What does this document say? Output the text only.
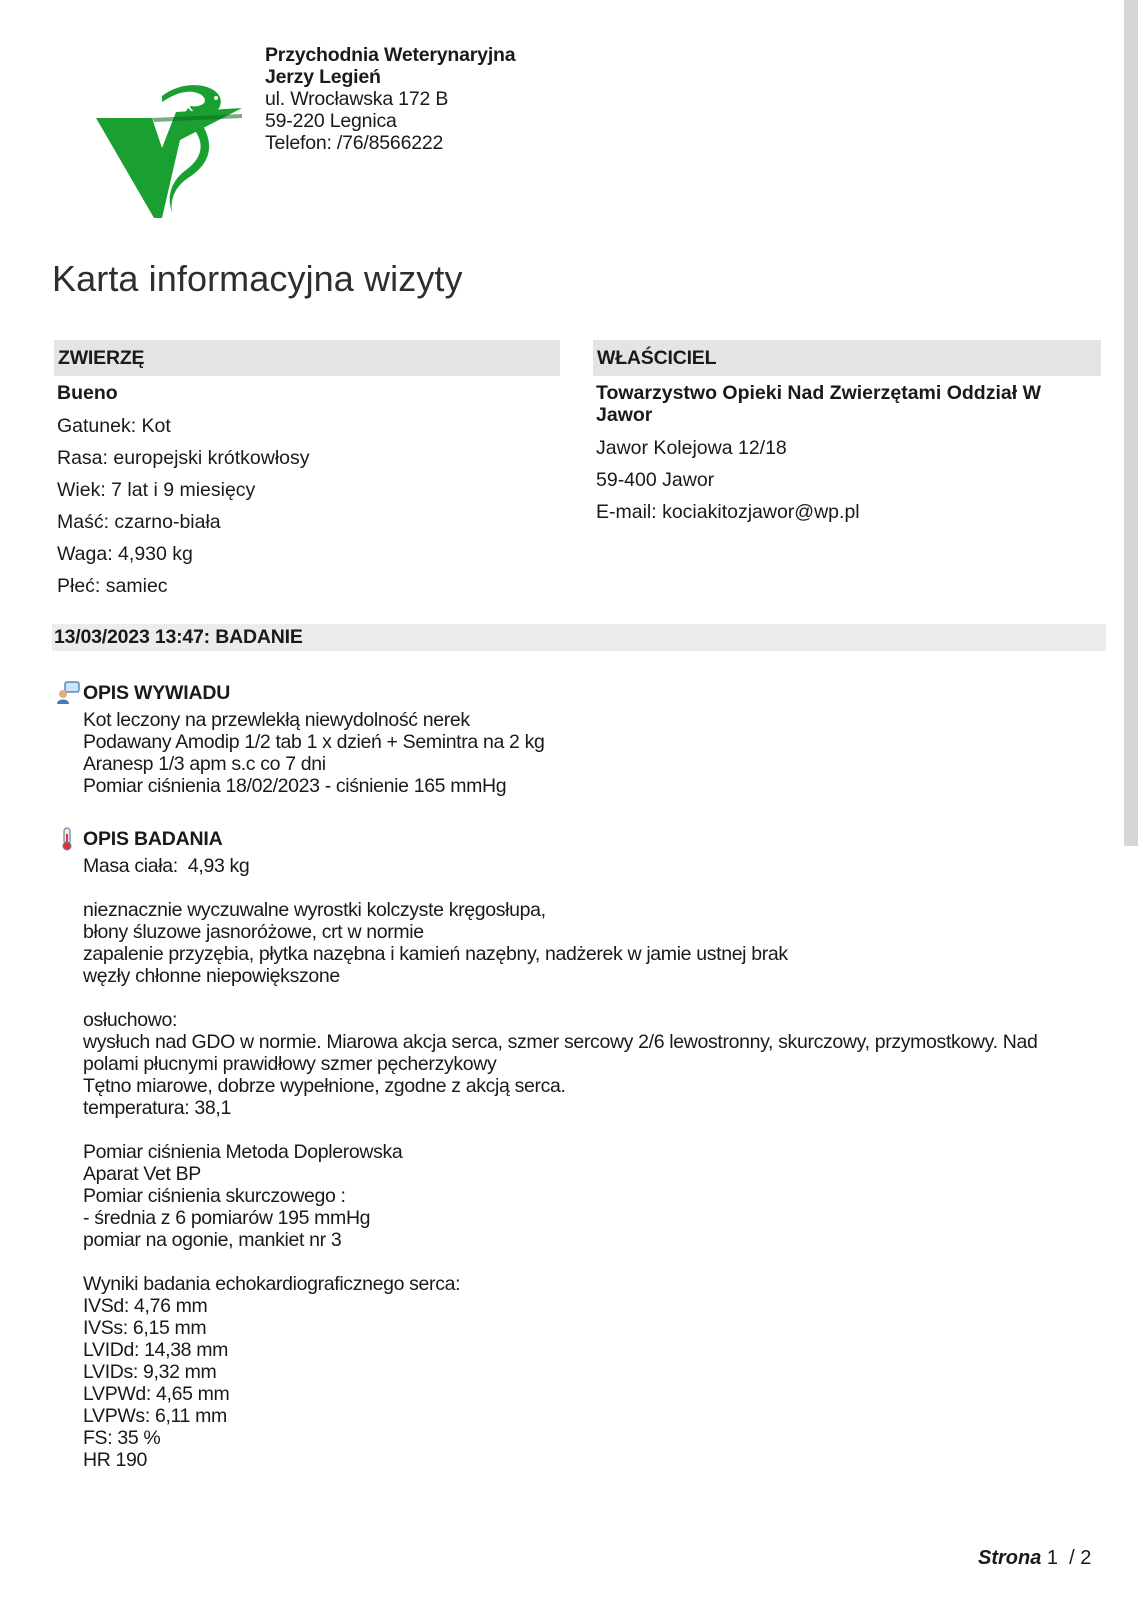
Przychodnia Weterynaryjna
Jerzy Legień
ul. Wrocławska 172 B
59-220 Legnica
Telefon: /76/8566222
Karta informacyjna wizyty
ZWIERZĘ
Bueno
Gatunek: Kot
Rasa: europejski krótkowłosy
Wiek: 7 lat i 9 miesięcy
Maść: czarno-biała
Waga: 4,930 kg
Płeć: samiec
WŁAŚCICIEL
Towarzystwo Opieki Nad Zwierzętami Oddział W Jawor
Jawor Kolejowa 12/18
59-400 Jawor
E-mail: kociakitozjawor@wp.pl
13/03/2023 13:47: BADANIE
OPIS WYWIADU
Kot leczony na przewlekłą niewydolność nerek
Podawany Amodip 1/2 tab 1 x dzień + Semintra na 2 kg
Aranesp 1/3 apm s.c co 7 dni
Pomiar ciśnienia 18/02/2023 - ciśnienie 165 mmHg
OPIS BADANIA
Masa ciała:  4,93 kg

nieznacznie wyczuwalne wyrostki kolczyste kręgosłupa,
błony śluzowe jasnoróżowe, crt w normie
zapalenie przyzębia, płytka nazębna i kamień nazębny, nadżerek w jamie ustnej brak
węzły chłonne niepowiększone

osłuchowo:
wysłuch nad GDO w normie. Miarowa akcja serca, szmer sercowy 2/6 lewostronny, skurczowy, przymostkowy. Nad
polami płucnymi prawidłowy szmer pęcherzykowy
Tętno miarowe, dobrze wypełnione, zgodne z akcją serca.
temperatura: 38,1

Pomiar ciśnienia Metoda Doplerowska
Aparat Vet BP
Pomiar ciśnienia skurczowego :
- średnia z 6 pomiarów 195 mmHg
pomiar na ogonie, mankiet nr 3

Wyniki badania echokardiograficznego serca:
IVSd: 4,76 mm
IVSs: 6,15 mm
LVIDd: 14,38 mm
LVIDs: 9,32 mm
LVPWd: 4,65 mm
LVPWs: 6,11 mm
FS: 35 %
HR 190
Strona 1 / 2
